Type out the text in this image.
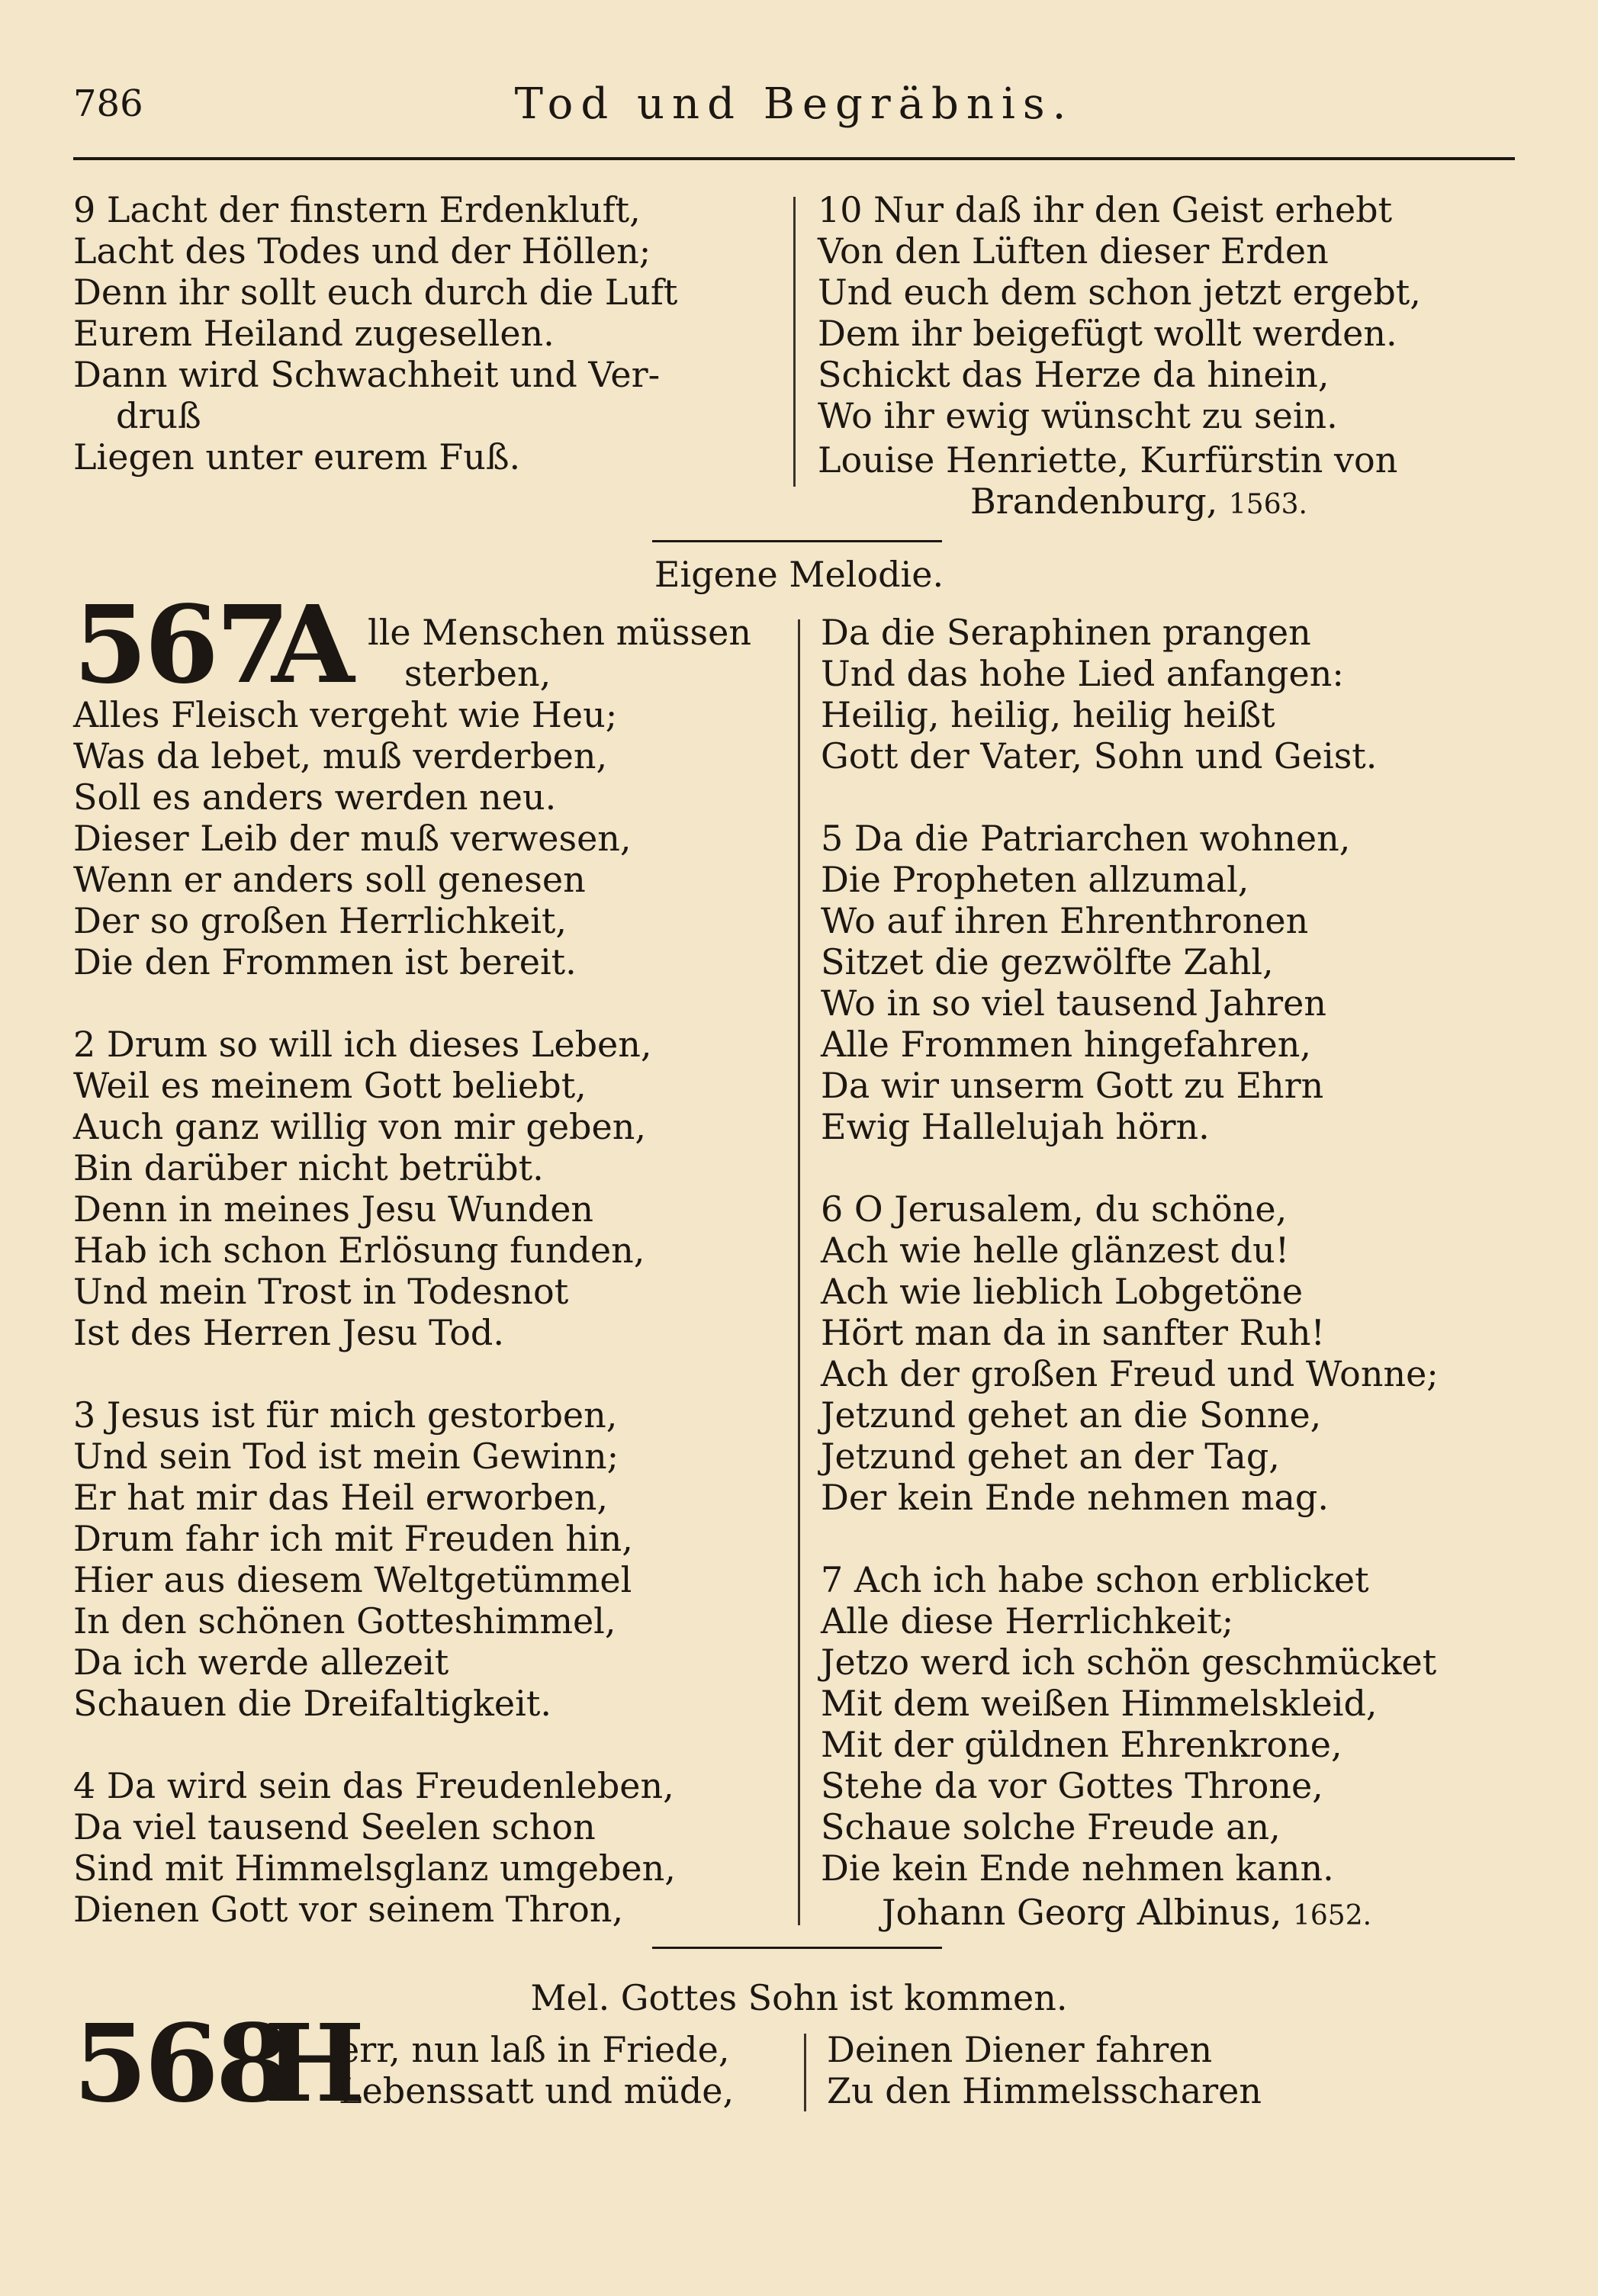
786	Tod und Begräbnis.
9 Lacht der finstern Erdenkluft,
Lacht des Todes und der Höllen;
Denn ihr sollt euch durch die Luft
Eurem Heiland zugesellen.
Dann wird Schwachheit und Ver-
druß
Liegen unter eurem Fuß.
10 Nur daß ihr den Geist erhebt
Von den Lüften dieser Erden
Und euch dem schon jetzt ergebt,
Dem ihr beigefügt wollt werden.
Schickt das Herze da hinein,
Wo ihr ewig wünscht zu sein.
Louise Henriette, Kurfürstin von
Brandenburg, 1563.
Eigene Melodie.
567
A lle Menschen müssen
sterben,
Alles Fleisch vergeht wie Heu;
Was da lebet, muß verderben,
Soll es anders werden neu.
Dieser Leib der muß verwesen,
Wenn er anders soll genesen
Der so großen Herrlichkeit,
Die den Frommen ist bereit.
2 Drum so will ich dieses Leben,
Weil es meinem Gott beliebt,
Auch ganz willig von mir geben,
Bin darüber nicht betrübt.
Denn in meines Jesu Wunden
Hab ich schon Erlösung funden,
Und mein Trost in Todesnot
Ist des Herren Jesu Tod.
3 Jesus ist für mich gestorben,
Und sein Tod ist mein Gewinn;
Er hat mir das Heil erworben,
Drum fahr ich mit Freuden hin,
Hier aus diesem Weltgetümmel
In den schönen Gotteshimmel,
Da ich werde allezeit
Schauen die Dreifaltigkeit.
4 Da wird sein das Freudenleben,
Da viel tausend Seelen schon
Sind mit Himmelsglanz umgeben,
Dienen Gott vor seinem Thron,
Da die Seraphinen prangen
Und das hohe Lied anfangen:
Heilig, heilig, heilig heißt
Gott der Vater, Sohn und Geist.
5 Da die Patriarchen wohnen,
Die Propheten allzumal,
Wo auf ihren Ehrenthronen
Sitzet die gezwölfte Zahl,
Wo in so viel tausend Jahren
Alle Frommen hingefahren,
Da wir unserm Gott zu Ehrn
Ewig Hallelujah hörn.
6 O Jerusalem, du schöne,
Ach wie helle glänzest du!
Ach wie lieblich Lobgetöne
Hört man da in sanfter Ruh!
Ach der großen Freud und Wonne;
Jetzund gehet an die Sonne,
Jetzund gehet an der Tag,
Der kein Ende nehmen mag.
7 Ach ich habe schon erblicket
Alle diese Herrlichkeit;
Jetzo werd ich schön geschmücket
Mit dem weißen Himmelskleid,
Mit der güldnen Ehrenkrone,
Stehe da vor Gottes Throne,
Schaue solche Freude an,
Die kein Ende nehmen kann.
Johann Georg Albinus, 1652.
Mel. Gottes Sohn ist kommen.
568
H
err, nun laß in Friede,
Lebenssatt und müde,
Deinen Diener fahren
Zu den Himmelsscharen
